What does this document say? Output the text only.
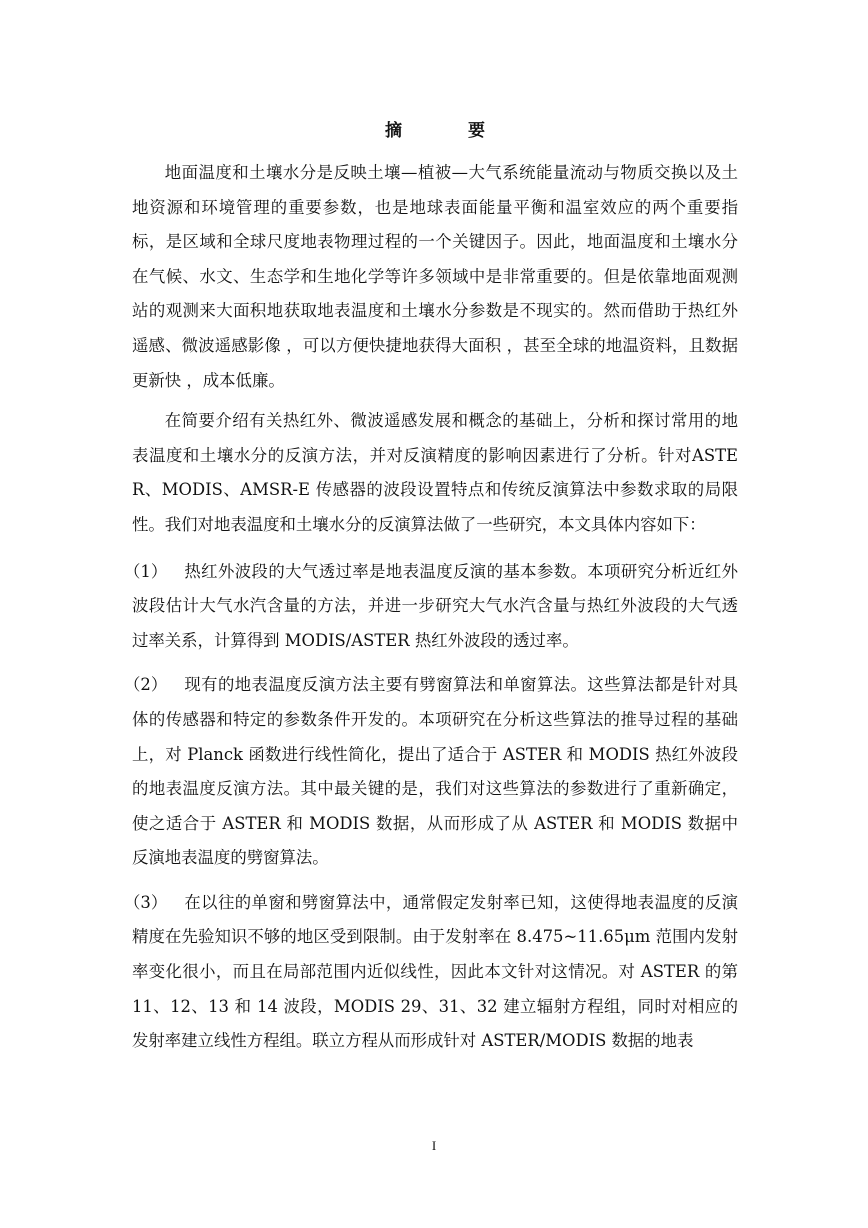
摘 要

地面温度和土壤水分是反映土壤—植被—大气系统能量流动与物质交换以及土地资源和环境管理的重要参数，也是地球表面能量平衡和温室效应的两个重要指标，是区域和全球尺度地表物理过程的一个关键因子。因此，地面温度和土壤水分在气候、水文、生态学和生地化学等许多领域中是非常重要的。但是依靠地面观测站的观测来大面积地获取地表温度和土壤水分参数是不现实的。然而借助于热红外遥感、微波遥感影像 ，可以方便快捷地获得大面积 ，甚至全球的地温资料，且数据更新快 ，成本低廉。

在简要介绍有关热红外、微波遥感发展和概念的基础上，分析和探讨常用的地表温度和土壤水分的反演方法，并对反演精度的影响因素进行了分析。针对ASTER、MODIS、AMSR-E 传感器的波段设置特点和传统反演算法中参数求取的局限性。我们对地表温度和土壤水分的反演算法做了一些研究，本文具体内容如下：

（1） 热红外波段的大气透过率是地表温度反演的基本参数。本项研究分析近红外波段估计大气水汽含量的方法，并进一步研究大气水汽含量与热红外波段的大气透过率关系，计算得到 MODIS/ASTER 热红外波段的透过率。

（2） 现有的地表温度反演方法主要有劈窗算法和单窗算法。这些算法都是针对具体的传感器和特定的参数条件开发的。本项研究在分析这些算法的推导过程的基础上，对 Planck 函数进行线性简化，提出了适合于 ASTER 和 MODIS 热红外波段的地表温度反演方法。其中最关键的是，我们对这些算法的参数进行了重新确定，使之适合于 ASTER 和 MODIS 数据，从而形成了从 ASTER 和 MODIS 数据中反演地表温度的劈窗算法。

（3） 在以往的单窗和劈窗算法中，通常假定发射率已知，这使得地表温度的反演精度在先验知识不够的地区受到限制。由于发射率在 8.475~11.65μm 范围内发射率变化很小，而且在局部范围内近似线性，因此本文针对这情况。对 ASTER 的第 11、12、13 和 14 波段，MODIS 29、31、32 建立辐射方程组，同时对相应的发射率建立线性方程组。联立方程从而形成针对 ASTER/MODIS 数据的地表

I
